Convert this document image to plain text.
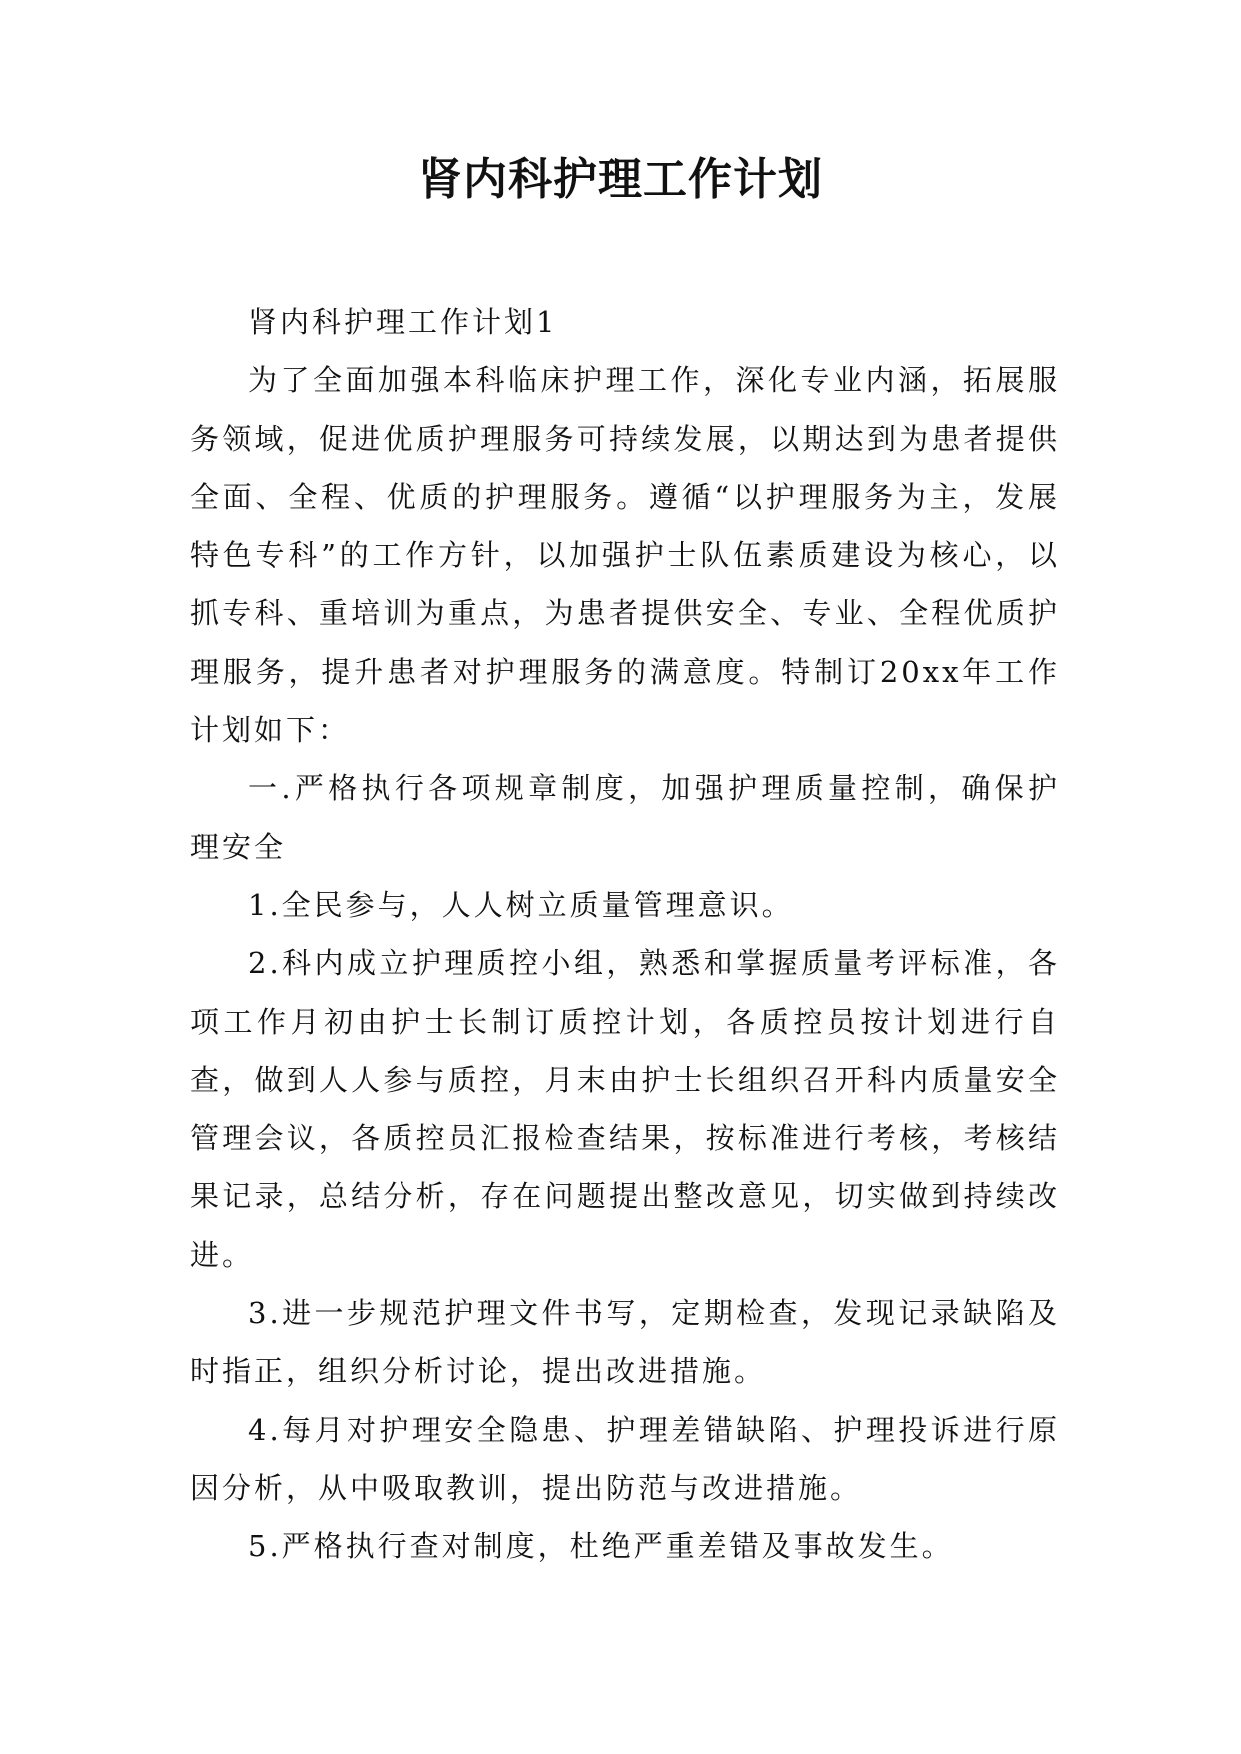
肾内科护理工作计划

肾内科护理工作计划1

为了全面加强本科临床护理工作，深化专业内涵，拓展服务领域，促进优质护理服务可持续发展，以期达到为患者提供全面、全程、优质的护理服务。遵循“以护理服务为主，发展特色专科”的工作方针，以加强护士队伍素质建设为核心，以抓专科、重培训为重点，为患者提供安全、专业、全程优质护理服务，提升患者对护理服务的满意度。特制订20xx年工作计划如下：

一.严格执行各项规章制度，加强护理质量控制，确保护理安全

1.全民参与，人人树立质量管理意识。

2.科内成立护理质控小组，熟悉和掌握质量考评标准，各项工作月初由护士长制订质控计划，各质控员按计划进行自查，做到人人参与质控，月末由护士长组织召开科内质量安全管理会议，各质控员汇报检查结果，按标准进行考核，考核结果记录，总结分析，存在问题提出整改意见，切实做到持续改进。

3.进一步规范护理文件书写，定期检查，发现记录缺陷及时指正，组织分析讨论，提出改进措施。

4.每月对护理安全隐患、护理差错缺陷、护理投诉进行原因分析，从中吸取教训，提出防范与改进措施。

5.严格执行查对制度，杜绝严重差错及事故发生。
